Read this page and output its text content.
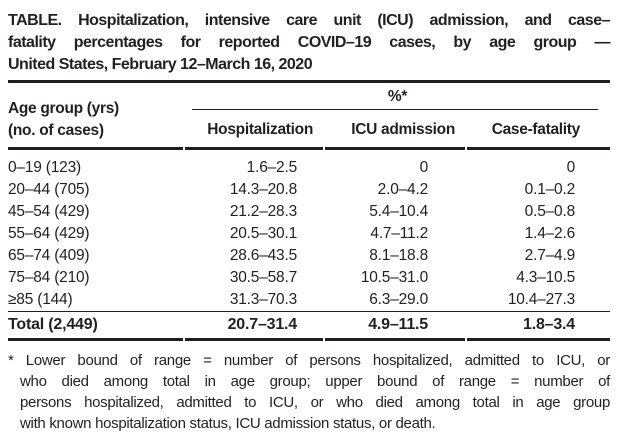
TABLE. Hospitalization, intensive care unit (ICU) admission, and case–
fatality percentages for reported COVID–19 cases, by age group —
United States, February 12–March 16, 2020
Age group (yrs)
(no. of cases)
%*
Hospitalization	ICU admission	Case-fatality
0–19 (123)	1.6–2.5	0	0
20–44 (705)	14.3–20.8	2.0–4.2	0.1–0.2
45–54 (429)	21.2–28.3	5.4–10.4	0.5–0.8
55–64 (429)	20.5–30.1	4.7–11.2	1.4–2.6
65–74 (409)	28.6–43.5	8.1–18.8	2.7–4.9
75–84 (210)	30.5–58.7	10.5–31.0	4.3–10.5
≥85 (144)	31.3–70.3	6.3–29.0	10.4–27.3
Total (2,449)	20.7–31.4	4.9–11.5	1.8–3.4
* Lower bound of range = number of persons hospitalized, admitted to ICU, or
who died among total in age group; upper bound of range = number of
persons hospitalized, admitted to ICU, or who died among total in age group
with known hospitalization status, ICU admission status, or death.
